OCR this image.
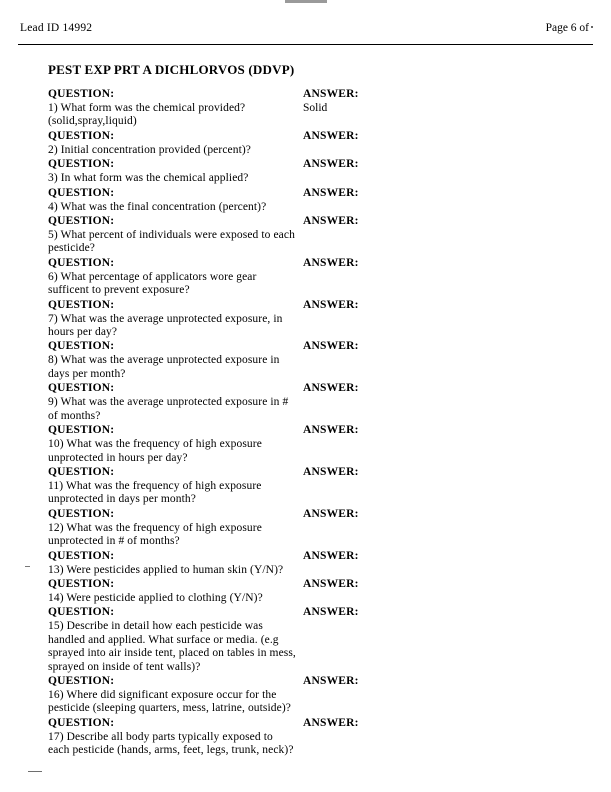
Lead ID 14992	Page 6 of
PEST EXP PRT A DICHLORVOS (DDVP)
QUESTION:	ANSWER:
1) What form was the chemical provided?(solid,spray,liquid)
Solid
QUESTION:	ANSWER:
2) Initial concentration provided (percent)?
QUESTION:	ANSWER:
3) In what form was the chemical applied?
QUESTION:	ANSWER:
4) What was the final concentration (percent)?
QUESTION:	ANSWER:
5) What percent of individuals were exposed to each pesticide?
QUESTION:	ANSWER:
6) What percentage of applicators wore gear sufficent to prevent exposure?
QUESTION:	ANSWER:
7) What was the average unprotected exposure, in hours per day?
QUESTION:	ANSWER:
8) What was the average unprotected exposure in days per month?
QUESTION:	ANSWER:
9) What was the average unprotected exposure in # of months?
QUESTION:	ANSWER:
10) What was the frequency of high exposure unprotected in hours per day?
QUESTION:	ANSWER:
11) What was the frequency of high exposure unprotected in days per month?
QUESTION:	ANSWER:
12) What was the frequency of high exposure unprotected in # of months?
QUESTION:	ANSWER:
13) Were pesticides applied to human skin (Y/N)?
QUESTION:	ANSWER:
14) Were pesticide applied to clothing (Y/N)?
QUESTION:	ANSWER:
15) Describe in detail how each pesticide was handled and applied. What surface or media. (e.g sprayed into air inside tent, placed on tables in mess, sprayed on inside of tent walls)?
QUESTION:	ANSWER:
16) Where did significant exposure occur for the pesticide (sleeping quarters, mess, latrine, outside)?
QUESTION:	ANSWER:
17) Describe all body parts typically exposed to each pesticide (hands, arms, feet, legs, trunk, neck)?
